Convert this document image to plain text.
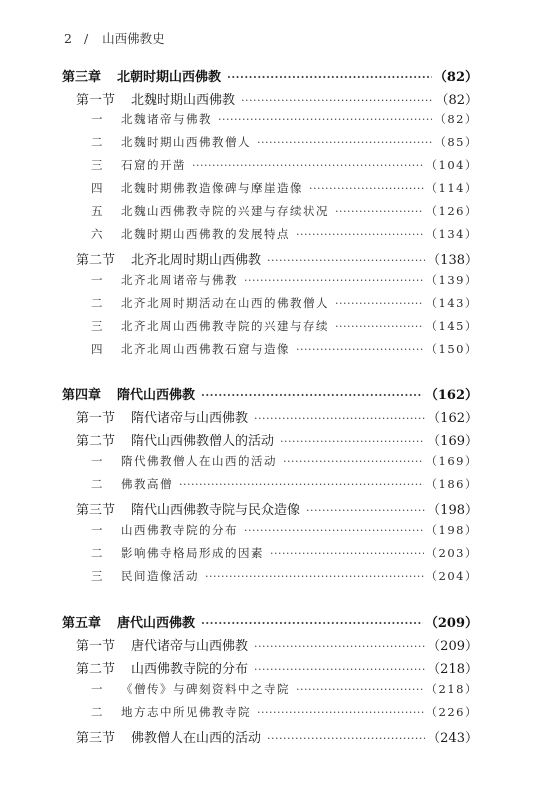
2 / 山西佛教史
第三章 北朝时期山西佛教 ·····	（82）
第一节 北魏时期山西佛教 ·····	（82）
一 北魏诸帝与佛教 ·····	（82）
二 北魏时期山西佛教僧人 ·····	（85）
三 石窟的开凿 ·····	（104）
四 北魏时期佛教造像碑与摩崖造像 ·····	（114）
五 北魏山西佛教寺院的兴建与存续状况 ·····	（126）
六 北魏时期山西佛教的发展特点 ·····	（134）
第二节 北齐北周时期山西佛教 ·····	（138）
一 北齐北周诸帝与佛教 ·····	（139）
二 北齐北周时期活动在山西的佛教僧人 ·····	（143）
三 北齐北周山西佛教寺院的兴建与存续 ·····	（145）
四 北齐北周山西佛教石窟与造像 ·····	（150）
第四章 隋代山西佛教 ·····	（162）
第一节 隋代诸帝与山西佛教 ·····	（162）
第二节 隋代山西佛教僧人的活动 ·····	（169）
一 隋代佛教僧人在山西的活动 ·····	（169）
二 佛教高僧 ·····	（186）
第三节 隋代山西佛教寺院与民众造像 ·····	（198）
一 山西佛教寺院的分布 ·····	（198）
二 影响佛寺格局形成的因素 ·····	（203）
三 民间造像活动 ·····	（204）
第五章 唐代山西佛教 ·····	（209）
第一节 唐代诸帝与山西佛教 ·····	（209）
第二节 山西佛教寺院的分布 ·····	（218）
一 《僧传》与碑刻资料中之寺院 ·····	（218）
二 地方志中所见佛教寺院 ·····	（226）
第三节 佛教僧人在山西的活动 ·····	（243）
